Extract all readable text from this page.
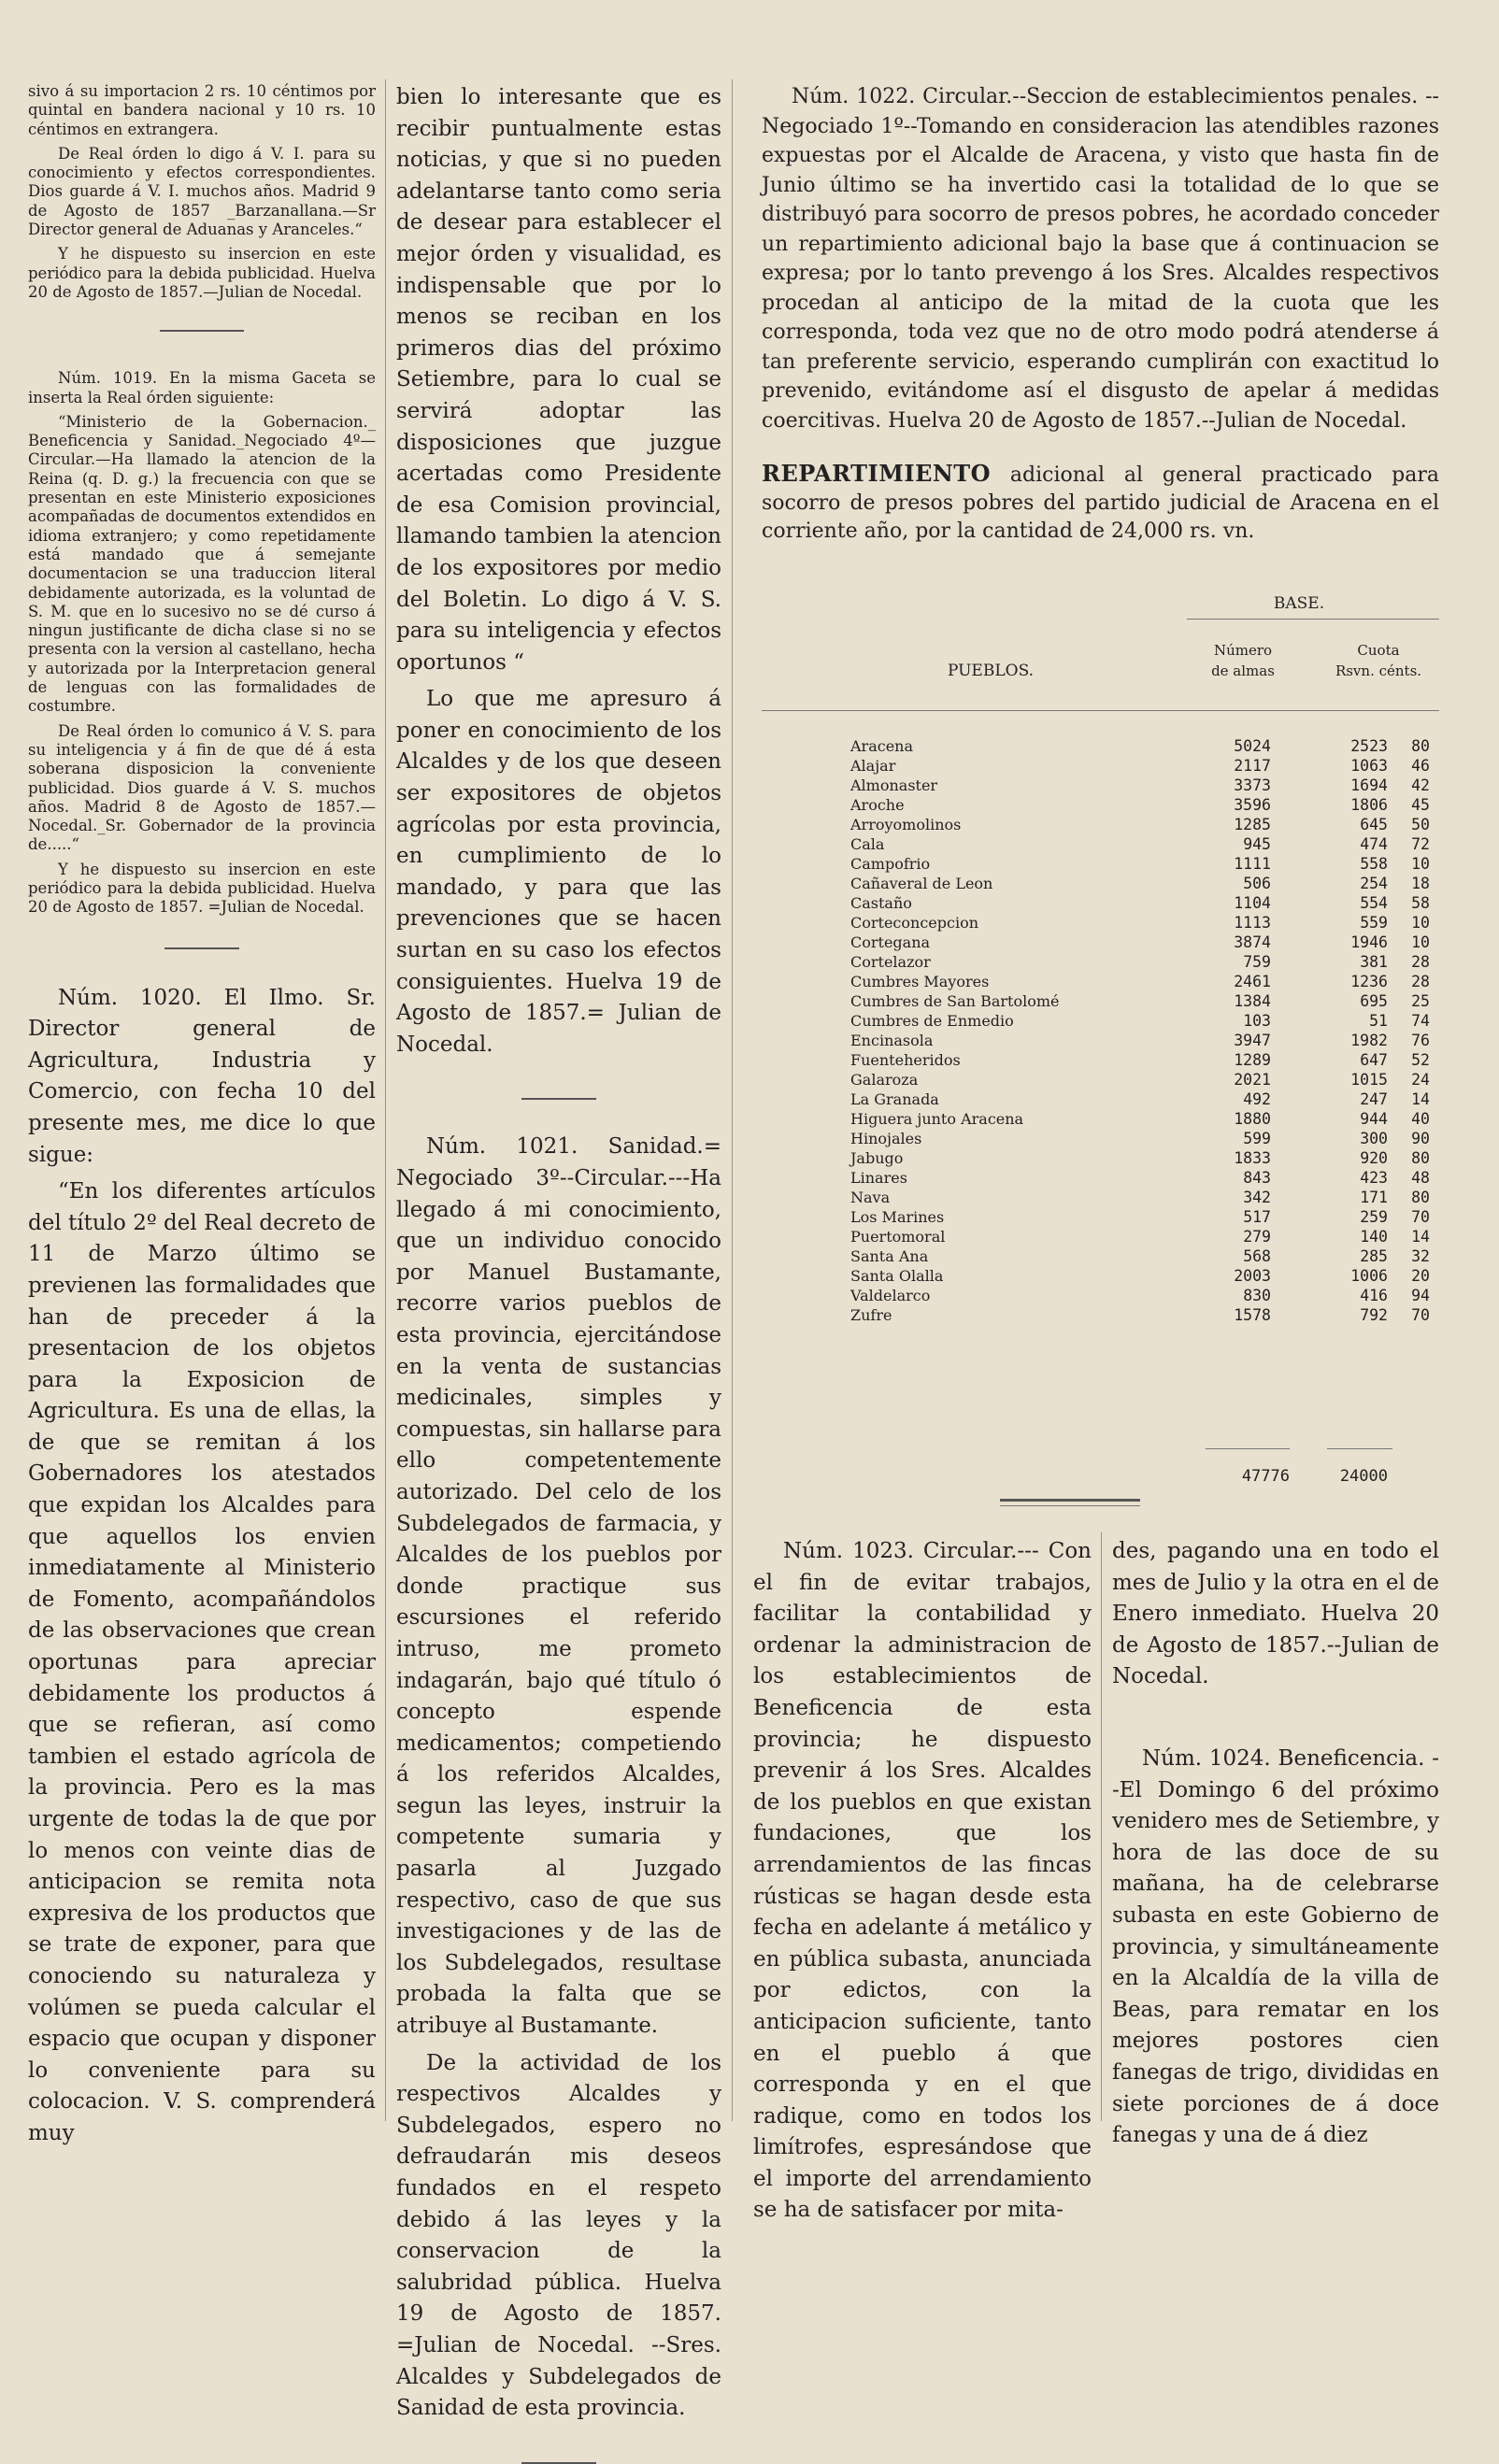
sivo á su importacion 2 rs. 10 céntimos por quintal en bandera nacional y 10 rs. 10 céntimos en extrangera.

De Real órden lo digo á V. I. para su conocimiento y efectos correspondientes. Dios guarde á V. I. muchos años. Madrid 9 de Agosto de 1857 _Barzanallana.—Sr Director general de Aduanas y Aranceles.“

Y he dispuesto su insercion en este periódico para la debida publicidad. Huelva 20 de Agosto de 1857.—Julian de Nocedal.

Núm. 1019. En la misma Gaceta se inserta la Real órden siguiente:

“Ministerio de la Gobernacion._ Beneficencia y Sanidad._Negociado 4º—Circular.—Ha llamado la atencion de la Reina (q. D. g.) la frecuencia con que se presentan en este Ministerio exposiciones acompañadas de documentos extendidos en idioma extranjero; y como repetidamente está mandado que á semejante documentacion se una traduccion literal debidamente autorizada, es la voluntad de S. M. que en lo sucesivo no se dé curso á ningun justificante de dicha clase si no se presenta con la version al castellano, hecha y autorizada por la Interpretacion general de lenguas con las formalidades de costumbre.

De Real órden lo comunico á V. S. para su inteligencia y á fin de que dé á esta soberana disposicion la conveniente publicidad. Dios guarde á V. S. muchos años. Madrid 8 de Agosto de 1857.—Nocedal._Sr. Gobernador de la provincia de.....“

Y he dispuesto su insercion en este periódico para la debida publicidad. Huelva 20 de Agosto de 1857. =Julian de Nocedal.

Núm. 1020. El Ilmo. Sr. Director general de Agricultura, Industria y Comercio, con fecha 10 del presente mes, me dice lo que sigue:

“En los diferentes artículos del título 2º del Real decreto de 11 de Marzo último se previenen las formalidades que han de preceder á la presentacion de los objetos para la Exposicion de Agricultura. Es una de ellas, la de que se remitan á los Gobernadores los atestados que expidan los Alcaldes para que aquellos los envien inmediatamente al Ministerio de Fomento, acompañándolos de las observaciones que crean oportunas para apreciar debidamente los productos á que se refieran, así como tambien el estado agrícola de la provincia. Pero es la mas urgente de todas la de que por lo menos con veinte dias de anticipacion se remita nota expresiva de los productos que se trate de exponer, para que conociendo su naturaleza y volúmen se pueda calcular el espacio que ocupan y disponer lo conveniente para su colocacion. V. S. comprenderá muy

bien lo interesante que es recibir puntualmente estas noticias, y que si no pueden adelantarse tanto como seria de desear para establecer el mejor órden y visualidad, es indispensable que por lo menos se reciban en los primeros dias del próximo Setiembre, para lo cual se servirá adoptar las disposiciones que juzgue acertadas como Presidente de esa Comision provincial, llamando tambien la atencion de los expositores por medio del Boletin. Lo digo á V. S. para su inteligencia y efectos oportunos “

Lo que me apresuro á poner en conocimiento de los Alcaldes y de los que deseen ser expositores de objetos agrícolas por esta provincia, en cumplimiento de lo mandado, y para que las prevenciones que se hacen surtan en su caso los efectos consiguientes. Huelva 19 de Agosto de 1857.= Julian de Nocedal.

Núm. 1021. Sanidad.= Negociado 3º--Circular.---Ha llegado á mi conocimiento, que un individuo conocido por Manuel Bustamante, recorre varios pueblos de esta provincia, ejercitándose en la venta de sustancias medicinales, simples y compuestas, sin hallarse para ello competentemente autorizado. Del celo de los Subdelegados de farmacia, y Alcaldes de los pueblos por donde practique sus escursiones el referido intruso, me prometo indagarán, bajo qué título ó concepto espende medicamentos; competiendo á los referidos Alcaldes, segun las leyes, instruir la competente sumaria y pasarla al Juzgado respectivo, caso de que sus investigaciones y de las de los Subdelegados, resultase probada la falta que se atribuye al Bustamante.

De la actividad de los respectivos Alcaldes y Subdelegados, espero no defraudarán mis deseos fundados en el respeto debido á las leyes y la conservacion de la salubridad pública. Huelva 19 de Agosto de 1857. =Julian de Nocedal. --Sres. Alcaldes y Subdelegados de Sanidad de esta provincia.

Núm. 1022. Circular.--Seccion de establecimientos penales. --Negociado 1º--Tomando en consideracion las atendibles razones expuestas por el Alcalde de Aracena, y visto que hasta fin de Junio último se ha invertido casi la totalidad de lo que se distribuyó para socorro de presos pobres, he acordado conceder un repartimiento adicional bajo la base que á continuacion se expresa; por lo tanto prevengo á los Sres. Alcaldes respectivos procedan al anticipo de la mitad de la cuota que les corresponda, toda vez que no de otro modo podrá atenderse á tan preferente servicio, esperando cumplirán con exactitud lo prevenido, evitándome así el disgusto de apelar á medidas coercitivas. Huelva 20 de Agosto de 1857.--Julian de Nocedal.

REPARTIMIENTO adicional al general practicado para socorro de presos pobres del partido judicial de Aracena en el corriente año, por la cantidad de 24,000 rs. vn.
BASE.
PUEBLOS.
Número
de almas
Cuota
Rsvn. cénts.
Aracena	5024	2523	80
Alajar	2117	1063	46
Almonaster	3373	1694	42
Aroche	3596	1806	45
Arroyomolinos	1285	645	50
Cala	945	474	72
Campofrio	1111	558	10
Cañaveral de Leon	506	254	18
Castaño	1104	554	58
Corteconcepcion	1113	559	10
Cortegana	3874	1946	10
Cortelazor	759	381	28
Cumbres Mayores	2461	1236	28
Cumbres de San Bartolomé	1384	695	25
Cumbres de Enmedio	103	51	74
Encinasola	3947	1982	76
Fuenteheridos	1289	647	52
Galaroza	2021	1015	24
La Granada	492	247	14
Higuera junto Aracena	1880	944	40
Hinojales	599	300	90
Jabugo	1833	920	80
Linares	843	423	48
Nava	342	171	80
Los Marines	517	259	70
Puertomoral	279	140	14
Santa Ana	568	285	32
Santa Olalla	2003	1006	20
Valdelarco	830	416	94
Zufre	1578	792	70
47776	24000

Núm. 1023. Circular.--- Con el fin de evitar trabajos, facilitar la contabilidad y ordenar la administracion de los establecimientos de Beneficencia de esta provincia; he dispuesto prevenir á los Sres. Alcaldes de los pueblos en que existan fundaciones, que los arrendamientos de las fincas rústicas se hagan desde esta fecha en adelante á metálico y en pública subasta, anunciada por edictos, con la anticipacion suficiente, tanto en el pueblo á que corresponda y en el que radique, como en todos los limítrofes, espresándose que el importe del arrendamiento se ha de satisfacer por mita-

des, pagando una en todo el mes de Julio y la otra en el de Enero inmediato. Huelva 20 de Agosto de 1857.--Julian de Nocedal.

Núm. 1024. Beneficencia. --El Domingo 6 del próximo venidero mes de Setiembre, y hora de las doce de su mañana, ha de celebrarse subasta en este Gobierno de provincia, y simultáneamente en la Alcaldía de la villa de Beas, para rematar en los mejores postores cien fanegas de trigo, divididas en siete porciones de á doce fanegas y una de á diez
